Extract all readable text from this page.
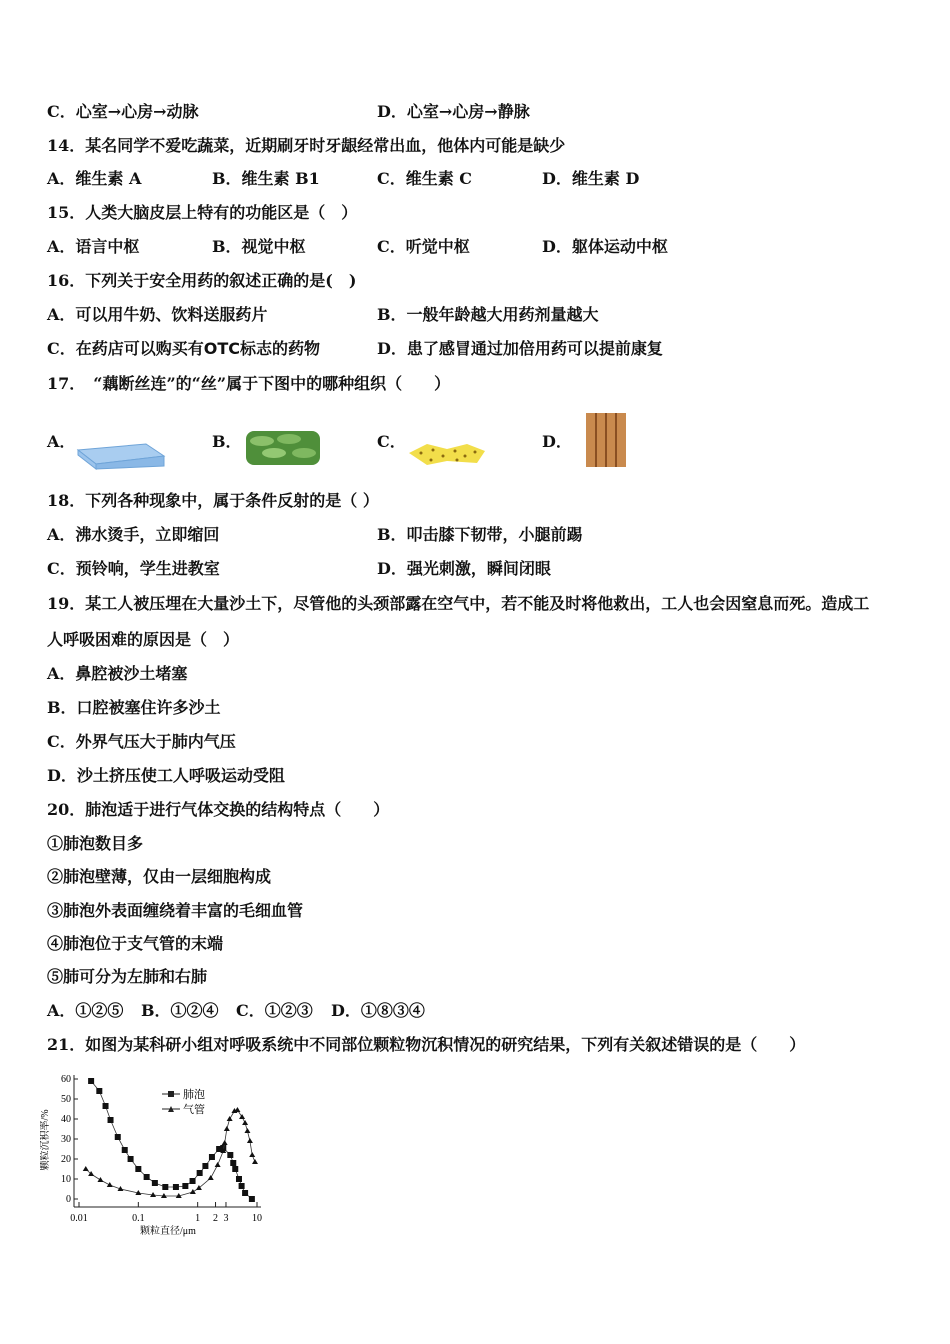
C．心室→心房→动脉	D．心室→心房→静脉
14．某名同学不爱吃蔬菜，近期刷牙时牙龈经常出血，他体内可能是缺少
A．维生素 A	B．维生素 B1	C．维生素 C	D．维生素 D
15．人类大脑皮层上特有的功能区是（　）
A．语言中枢	B．视觉中枢	C．听觉中枢	D．躯体运动中枢
16．下列关于安全用药的叙述正确的是(　)
A．可以用牛奶、饮料送服药片	B．一般年龄越大用药剂量越大
C．在药店可以购买有OTC标志的药物	D．患了感冒通过加倍用药可以提前康复
17．　“藕断丝连”的“丝”属于下图中的哪种组织（　　）
A．	B．	C．	D．
18．下列各种现象中，属于条件反射的是（ ）
A．沸水烫手，立即缩回	B．叩击膝下韧带，小腿前踢
C．预铃响，学生进教室	D．强光刺激，瞬间闭眼
19．某工人被压埋在大量沙土下，尽管他的头颈部露在空气中，若不能及时将他救出，工人也会因窒息而死。造成工
人呼吸困难的原因是（　）
A．鼻腔被沙土堵塞
B．口腔被塞住许多沙土
C．外界气压大于肺内气压
D．沙土挤压使工人呼吸运动受阻
20．肺泡适于进行气体交换的结构特点（　　）
①肺泡数目多
②肺泡壁薄，仅由一层细胞构成
③肺泡外表面缠绕着丰富的毛细血管
④肺泡位于支气管的末端
⑤肺可分为左肺和右肺
A．①②⑤ B．①②④ C．①②③ D．①⑧③④
21．如图为某科研小组对呼吸系统中不同部位颗粒物沉积情况的研究结果，下列有关叙述错误的是（　　）
0
10
20
30
40
50
60
0.01	0.1	1 2 3 10
颗粒沉积率/%
颗粒直径/μm
肺泡
气管
